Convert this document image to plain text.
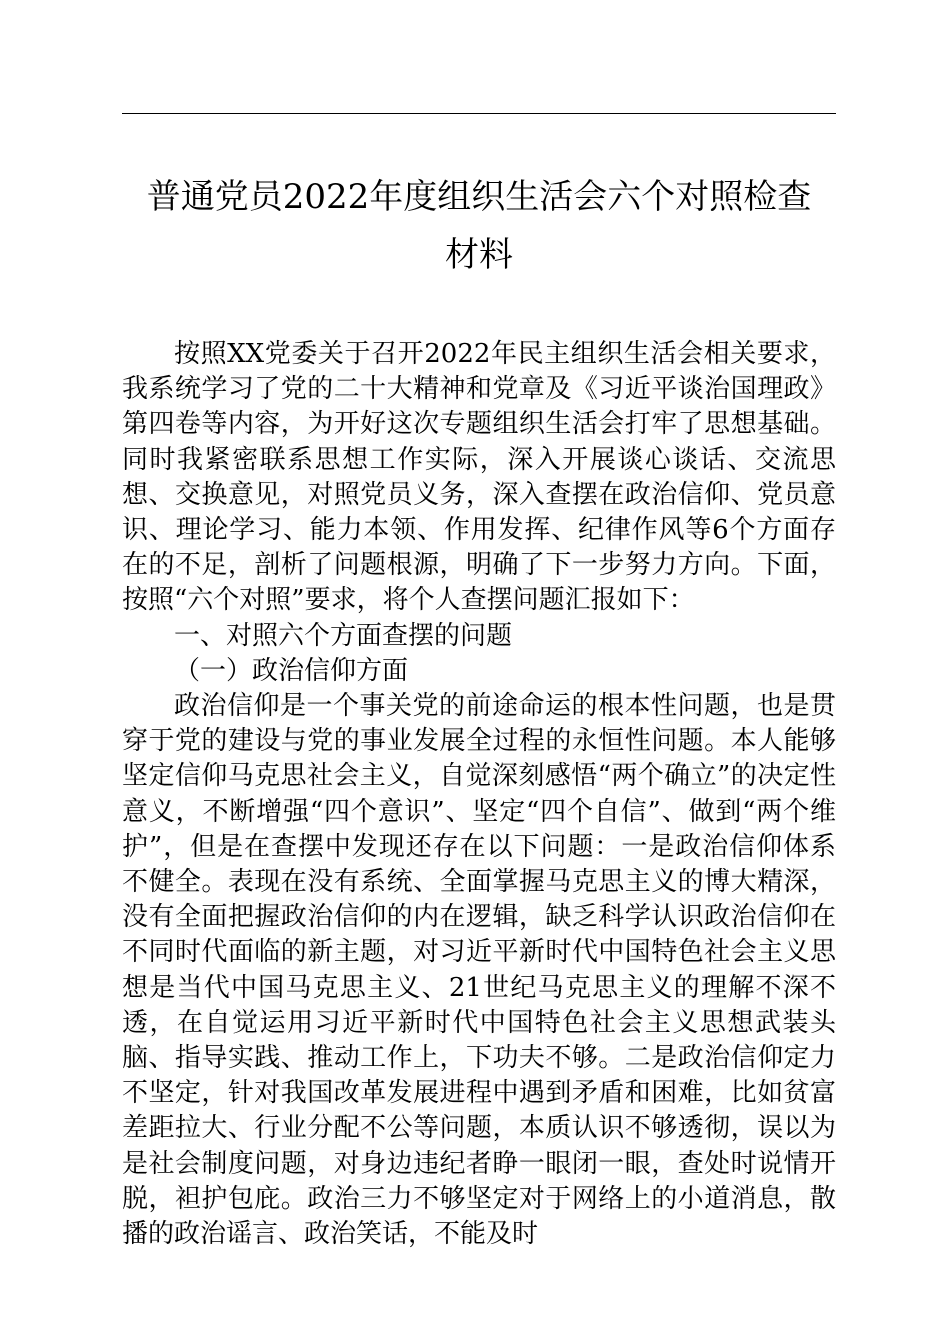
普通党员2022年度组织生活会六个对照检查
材料

按照XX党委关于召开2022年民主组织生活会相关要求，我系统学习了党的二十大精神和党章及《习近平谈治国理政》第四卷等内容，为开好这次专题组织生活会打牢了思想基础。同时我紧密联系思想工作实际，深入开展谈心谈话、交流思想、交换意见，对照党员义务，深入查摆在政治信仰、党员意识、理论学习、能力本领、作用发挥、纪律作风等6个方面存在的不足，剖析了问题根源，明确了下一步努力方向。下面，按照“六个对照”要求，将个人查摆问题汇报如下：

一、对照六个方面查摆的问题

（一）政治信仰方面

政治信仰是一个事关党的前途命运的根本性问题，也是贯穿于党的建设与党的事业发展全过程的永恒性问题。本人能够坚定信仰马克思社会主义，自觉深刻感悟“两个确立”的决定性意义，不断增强“四个意识”、坚定“四个自信”、做到“两个维护”，但是在查摆中发现还存在以下问题：一是政治信仰体系不健全。表现在没有系统、全面掌握马克思主义的博大精深，没有全面把握政治信仰的内在逻辑，缺乏科学认识政治信仰在不同时代面临的新主题，对习近平新时代中国特色社会主义思想是当代中国马克思主义、21世纪马克思主义的理解不深不透，在自觉运用习近平新时代中国特色社会主义思想武装头脑、指导实践、推动工作上，下功夫不够。二是政治信仰定力不坚定，针对我国改革发展进程中遇到矛盾和困难，比如贫富差距拉大、行业分配不公等问题，本质认识不够透彻，误以为是社会制度问题，对身边违纪者睁一眼闭一眼，查处时说情开脱，袒护包庇。政治三力不够坚定对于网络上的小道消息，散播的政治谣言、政治笑话，不能及时
